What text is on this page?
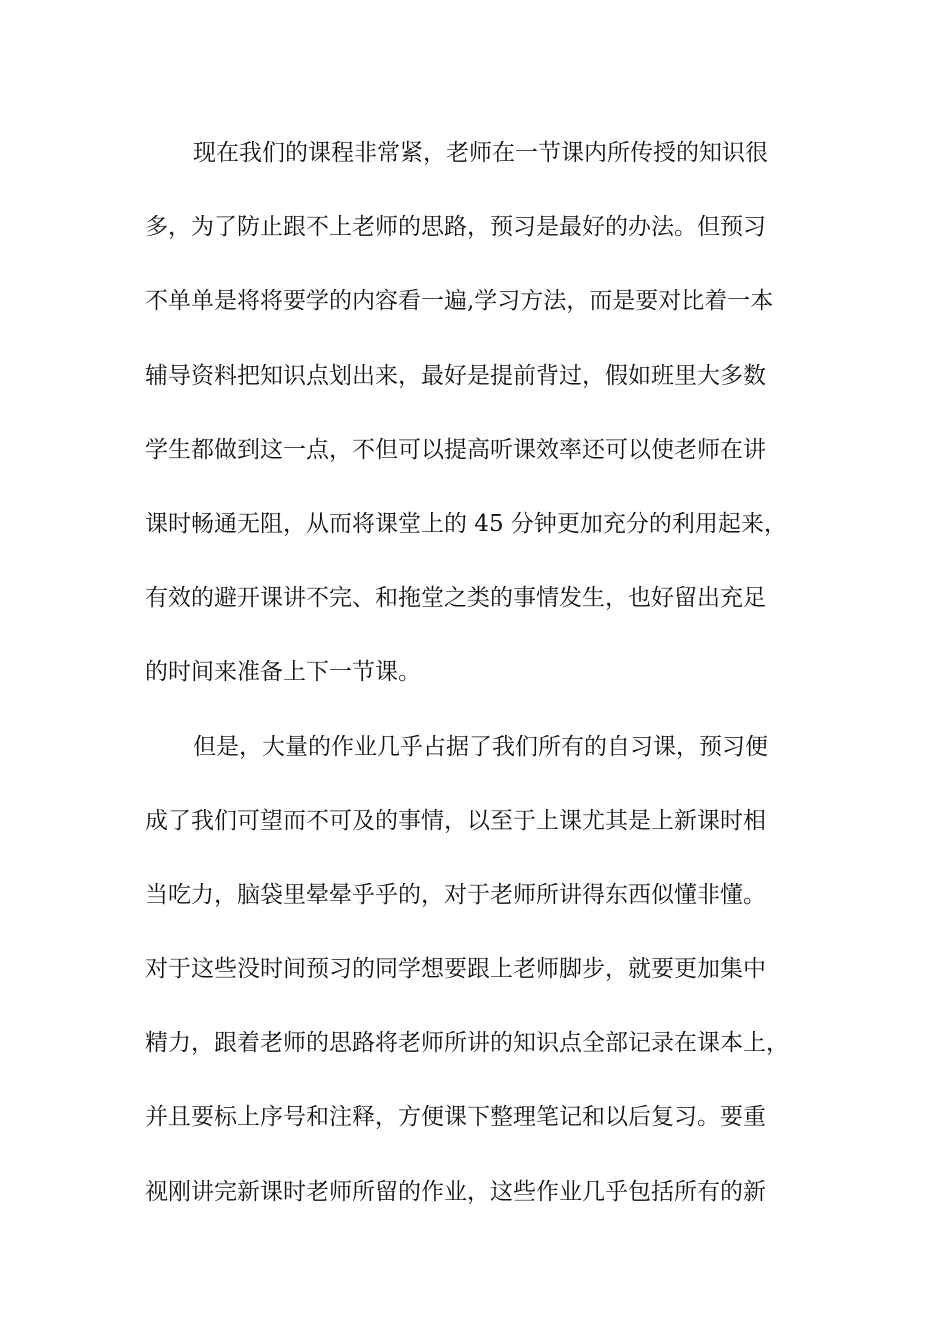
现在我们的课程非常紧，老师在一节课内所传授的知识很
多，为了防止跟不上老师的思路，预习是最好的办法。但预习
不单单是将将要学的内容看一遍,学习方法，而是要对比着一本
辅导资料把知识点划出来，最好是提前背过，假如班里大多数
学生都做到这一点，不但可以提高听课效率还可以使老师在讲
课时畅通无阻，从而将课堂上的 45 分钟更加充分的利用起来，
有效的避开课讲不完、和拖堂之类的事情发生，也好留出充足
的时间来准备上下一节课。
但是，大量的作业几乎占据了我们所有的自习课，预习便
成了我们可望而不可及的事情，以至于上课尤其是上新课时相
当吃力，脑袋里晕晕乎乎的，对于老师所讲得东西似懂非懂。
对于这些没时间预习的同学想要跟上老师脚步，就要更加集中
精力，跟着老师的思路将老师所讲的知识点全部记录在课本上，
并且要标上序号和注释，方便课下整理笔记和以后复习。要重
视刚讲完新课时老师所留的作业，这些作业几乎包括所有的新
